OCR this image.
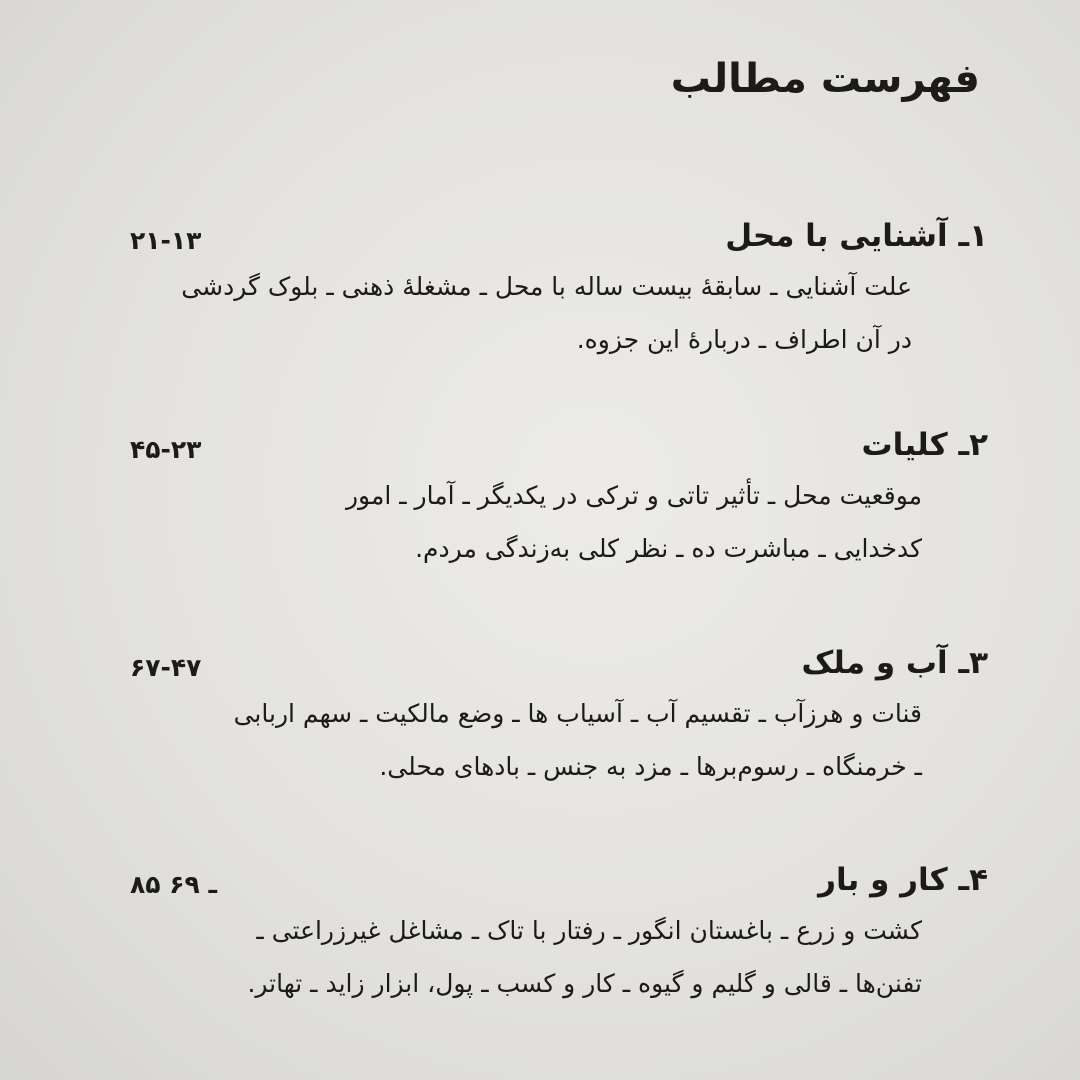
فهرست مطالب
۱ـ آشنایی با محل
۲۱-۱۳
علت آشنایی ـ سابقهٔ بیست ساله با محل ـ مشغلهٔ ذهنی ـ بلوک گردشی
در آن اطراف ـ دربارهٔ این جزوه.
۲ـ کلیات
۴۵-۲۳
موقعیت محل ـ تأثیر تاتی و ترکی در یکدیگر ـ آمار ـ امور
کدخدایی ـ مباشرت ده ـ نظر کلی به‌زندگی مردم.
۳ـ آب و ملک
۶۷-۴۷
قنات و هرزآب ـ تقسیم آب ـ آسیاب ها ـ وضع مالکیت ـ سهم اربابی
ـ خرمنگاه ـ رسوم‌برها ـ مزد به جنس ـ بادهای محلی.
۴ـ کار و بار
۸۵ ـ ۶۹
کشت و زرع ـ باغستان انگور ـ رفتار با تاک ـ مشاغل غیرزراعتی ـ
تفنن‌ها ـ قالی و گلیم و گیوه ـ کار و کسب ـ پول، ابزار زاید ـ تهاتر.
